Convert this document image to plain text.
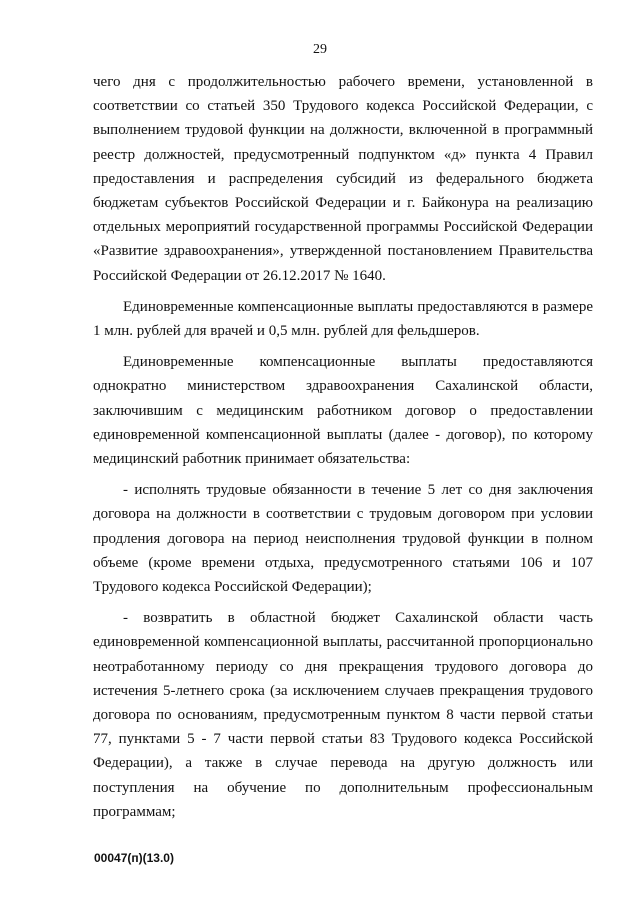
29

чего дня с продолжительностью рабочего времени, установленной в соответствии со статьей 350 Трудового кодекса Российской Федерации, с выполнением трудовой функции на должности, включенной в программный реестр должностей, предусмотренный подпунктом «д» пункта 4 Правил предоставления и распределения субсидий из федерального бюджета бюджетам субъектов Российской Федерации и г. Байконура на реализацию отдельных мероприятий государственной программы Российской Федерации «Развитие здравоохранения», утвержденной постановлением Правительства Российской Федерации от 26.12.2017 № 1640.

Единовременные компенсационные выплаты предоставляются в размере 1 млн. рублей для врачей и 0,5 млн. рублей для фельдшеров.

Единовременные компенсационные выплаты предоставляются однократно министерством здравоохранения Сахалинской области, заключившим с медицинским работником договор о предоставлении единовременной компенсационной выплаты (далее - договор), по которому медицинский работник принимает обязательства:

- исполнять трудовые обязанности в течение 5 лет со дня заключения договора на должности в соответствии с трудовым договором при условии продления договора на период неисполнения трудовой функции в полном объеме (кроме времени отдыха, предусмотренного статьями 106 и 107 Трудового кодекса Российской Федерации);

- возвратить в областной бюджет Сахалинской области часть единовременной компенсационной выплаты, рассчитанной пропорционально неотработанному периоду со дня прекращения трудового договора до истечения 5-летнего срока (за исключением случаев прекращения трудового договора по основаниям, предусмотренным пунктом 8 части первой статьи 77, пунктами 5 - 7 части первой статьи 83 Трудового кодекса Российской Федерации), а также в случае перевода на другую должность или поступления на обучение по дополнительным профессиональным программам;

00047(п)(13.0)
